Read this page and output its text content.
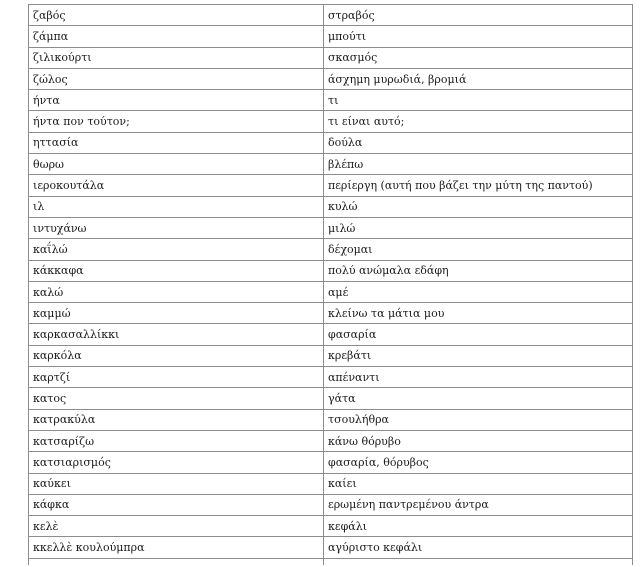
ζαβός	στραβός
ζάμπα	μπούτι
ζιλικούρτι	σκασμός
ζώλος	άσχημη μυρωδιά, βρομιά
ήντα	τι
ήντα πον τούτον;	τι είναι αυτό;
ηττασία	δούλα
θωρω	βλέπω
ιεροκουτάλα	περίεργη (αυτή που βάζει την μύτη της παντού)
ιλ	κυλώ
ιντυχάνω	μιλώ
καΐλώ	δέχομαι
κάκκαφα	πολύ ανώμαλα εδάφη
καλώ	αμέ
καμμώ	κλείνω τα μάτια μου
καρκασαλλίκκι	φασαρία
καρκόλα	κρεβάτι
καρτζί	απέναντι
κατος	γάτα
κατρακύλα	τσουλήθρα
κατσαρίζω	κάνω θόρυβο
κατσιαρισμός	φασαρία, θόρυβος
καύκει	καίει
κάφκα	ερωμένη παντρεμένου άντρα
κελὲ	κεφάλι
κκελλὲ κουλούμπρα	αγύριστο κεφάλι
